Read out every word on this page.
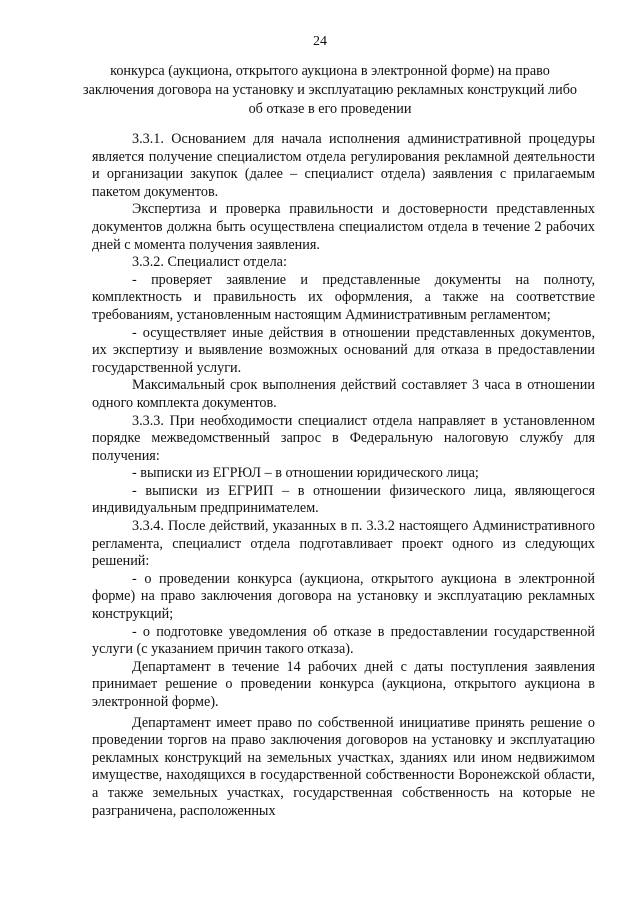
24
конкурса (аукциона, открытого аукциона в электронной форме) на право заключения договора на установку и эксплуатацию рекламных конструкций либо об отказе в его проведении

3.3.1. Основанием для начала исполнения административной процедуры является получение специалистом отдела регулирования рекламной деятельности и организации закупок (далее – специалист отдела) заявления с прилагаемым пакетом документов.

Экспертиза и проверка правильности и достоверности представленных документов должна быть осуществлена специалистом отдела в течение 2 рабочих дней с момента получения заявления.

3.3.2. Специалист отдела:

- проверяет заявление и представленные документы на полноту, комплектность и правильность их оформления, а также на соответствие требованиям, установленным настоящим Административным регламентом;

- осуществляет иные действия в отношении представленных документов, их экспертизу и выявление возможных оснований для отказа в предоставлении государственной услуги.

Максимальный срок выполнения действий составляет 3 часа в отношении одного комплекта документов.

3.3.3. При необходимости специалист отдела направляет в установленном порядке межведомственный запрос в Федеральную налоговую службу для получения:

- выписки из ЕГРЮЛ – в отношении юридического лица;

- выписки из ЕГРИП – в отношении физического лица, являющегося индивидуальным предпринимателем.

3.3.4. После действий, указанных в п. 3.3.2 настоящего Административного регламента, специалист отдела подготавливает проект одного из следующих решений:

- о проведении конкурса (аукциона, открытого аукциона в электронной форме) на право заключения договора на установку и эксплуатацию рекламных конструкций;

- о подготовке уведомления об отказе в предоставлении государственной услуги (с указанием причин такого отказа).

Департамент в течение 14 рабочих дней с даты поступления заявления принимает решение о проведении конкурса (аукциона, открытого аукциона в электронной форме).

Департамент имеет право по собственной инициативе принять решение о проведении торгов на право заключения договоров на установку и эксплуатацию рекламных конструкций на земельных участках, зданиях или ином недвижимом имуществе, находящихся в государственной собственности Воронежской области, а также земельных участках, государственная собственность на которые не разграничена, расположенных
